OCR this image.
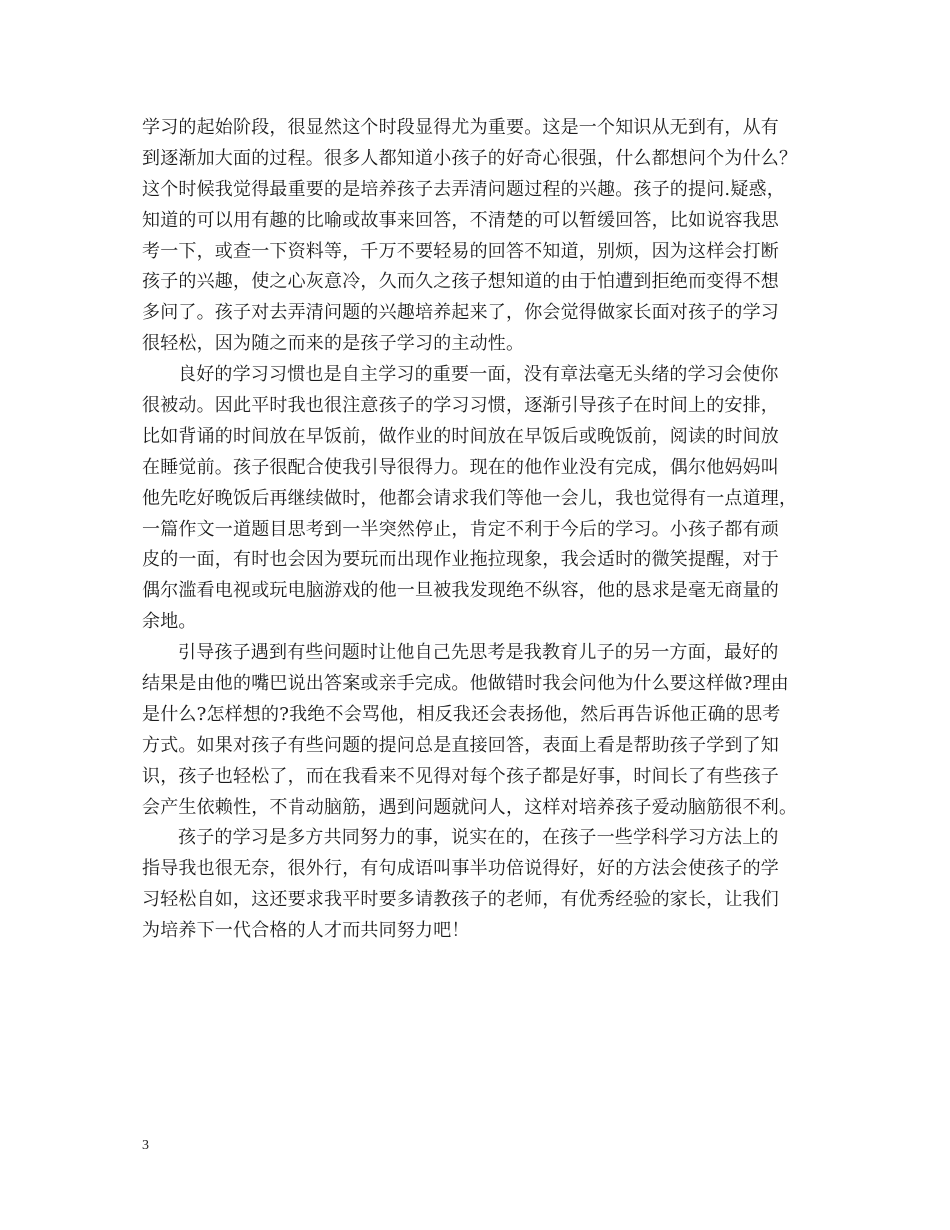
学习的起始阶段，很显然这个时段显得尤为重要。这是一个知识从无到有，从有
到逐渐加大面的过程。很多人都知道小孩子的好奇心很强，什么都想问个为什么？
这个时候我觉得最重要的是培养孩子去弄清问题过程的兴趣。孩子的提问.疑惑，
知道的可以用有趣的比喻或故事来回答，不清楚的可以暂缓回答，比如说容我思
考一下，或查一下资料等，千万不要轻易的回答不知道，别烦，因为这样会打断
孩子的兴趣，使之心灰意冷，久而久之孩子想知道的由于怕遭到拒绝而变得不想
多问了。孩子对去弄清问题的兴趣培养起来了，你会觉得做家长面对孩子的学习
很轻松，因为随之而来的是孩子学习的主动性。
良好的学习习惯也是自主学习的重要一面，没有章法毫无头绪的学习会使你
很被动。因此平时我也很注意孩子的学习习惯，逐渐引导孩子在时间上的安排，
比如背诵的时间放在早饭前，做作业的时间放在早饭后或晚饭前，阅读的时间放
在睡觉前。孩子很配合使我引导很得力。现在的他作业没有完成，偶尔他妈妈叫
他先吃好晚饭后再继续做时，他都会请求我们等他一会儿，我也觉得有一点道理，
一篇作文一道题目思考到一半突然停止，肯定不利于今后的学习。小孩子都有顽
皮的一面，有时也会因为要玩而出现作业拖拉现象，我会适时的微笑提醒，对于
偶尔滥看电视或玩电脑游戏的他一旦被我发现绝不纵容，他的恳求是毫无商量的
余地。
引导孩子遇到有些问题时让他自己先思考是我教育儿子的另一方面，最好的
结果是由他的嘴巴说出答案或亲手完成。他做错时我会问他为什么要这样做?理由
是什么?怎样想的?我绝不会骂他，相反我还会表扬他，然后再告诉他正确的思考
方式。如果对孩子有些问题的提问总是直接回答，表面上看是帮助孩子学到了知
识，孩子也轻松了，而在我看来不见得对每个孩子都是好事，时间长了有些孩子
会产生依赖性，不肯动脑筋，遇到问题就问人，这样对培养孩子爱动脑筋很不利。
孩子的学习是多方共同努力的事，说实在的，在孩子一些学科学习方法上的
指导我也很无奈，很外行，有句成语叫事半功倍说得好，好的方法会使孩子的学
习轻松自如，这还要求我平时要多请教孩子的老师，有优秀经验的家长，让我们
为培养下一代合格的人才而共同努力吧！
3
